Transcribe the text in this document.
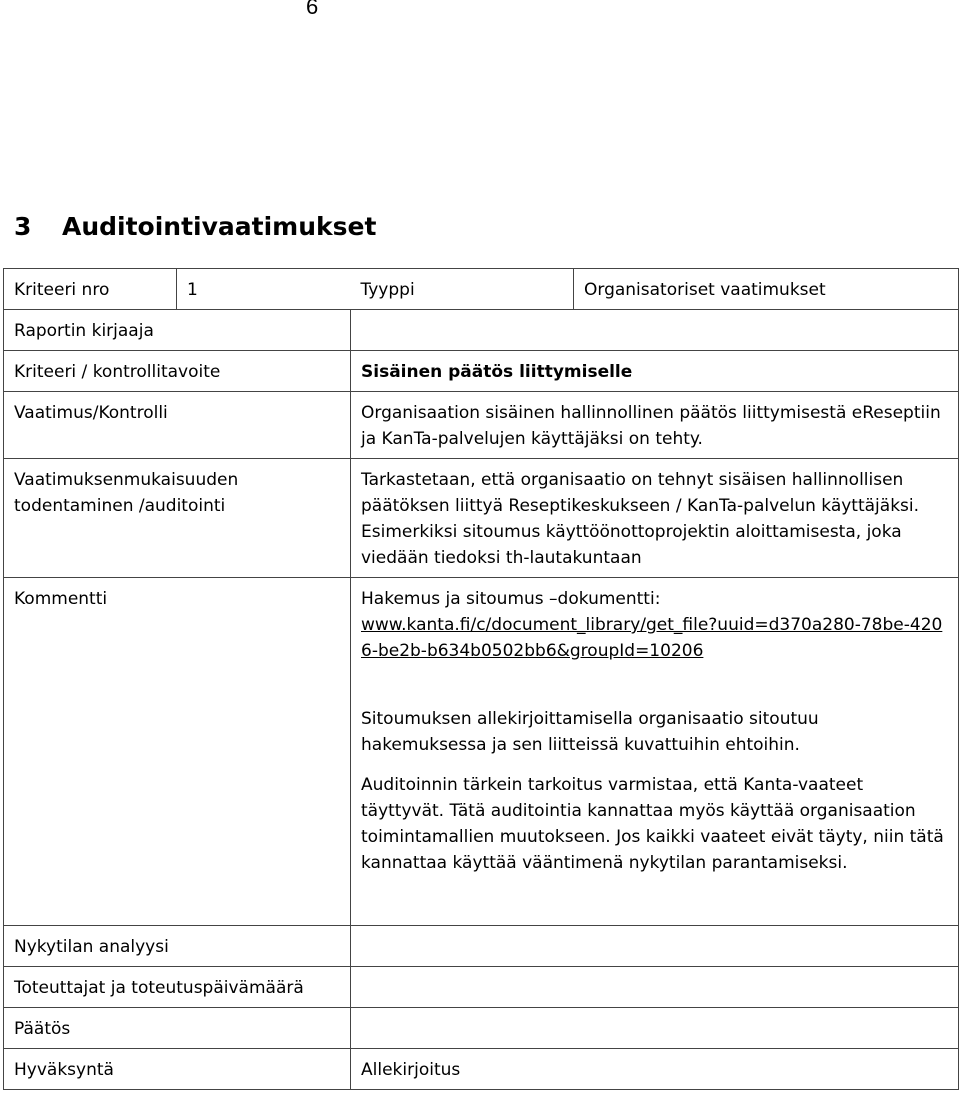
6
3 Auditointivaatimukset
Kriteeri nro	1	Tyyppi	Organisatoriset vaatimukset
Raportin kirjaaja			
Kriteeri / kontrollitavoite		Sisäinen päätös liittymiselle	
Vaatimus/Kontrolli		Organisaation sisäinen hallinnollinen päätös liittymisestä eReseptiin ja KanTa-palvelujen käyttäjäksi on tehty.	
Vaatimuksenmukaisuuden todentaminen /auditointi		Tarkastetaan, että organisaatio on tehnyt sisäisen hallinnollisen päätöksen liittyä Reseptikeskukseen / KanTa-palvelun käyttäjäksi. Esimerkiksi sitoumus käyttöönottoprojektin aloittamisesta, joka viedään tiedoksi th-lautakuntaan	
Kommentti		Hakemus ja sitoumus –dokumentti:
www.kanta.fi/c/document_library/get_file?uuid=d370a280-78be-4206-be2b-b634b0502bb6&groupId=10206

Sitoumuksen allekirjoittamisella organisaatio sitoutuu hakemuksessa ja sen liitteissä kuvattuihin ehtoihin.

Auditoinnin tärkein tarkoitus varmistaa, että Kanta-vaateet täyttyvät. Tätä auditointia kannattaa myös käyttää organisaation toimintamallien muutokseen. Jos kaikki vaateet eivät täyty, niin tätä kannattaa käyttää vääntimenä nykytilan parantamiseksi.	

Nykytilan analyysi			
Toteuttajat ja toteutuspäivämäärä			
Päätös			
Hyväksyntä		Allekirjoitus	
